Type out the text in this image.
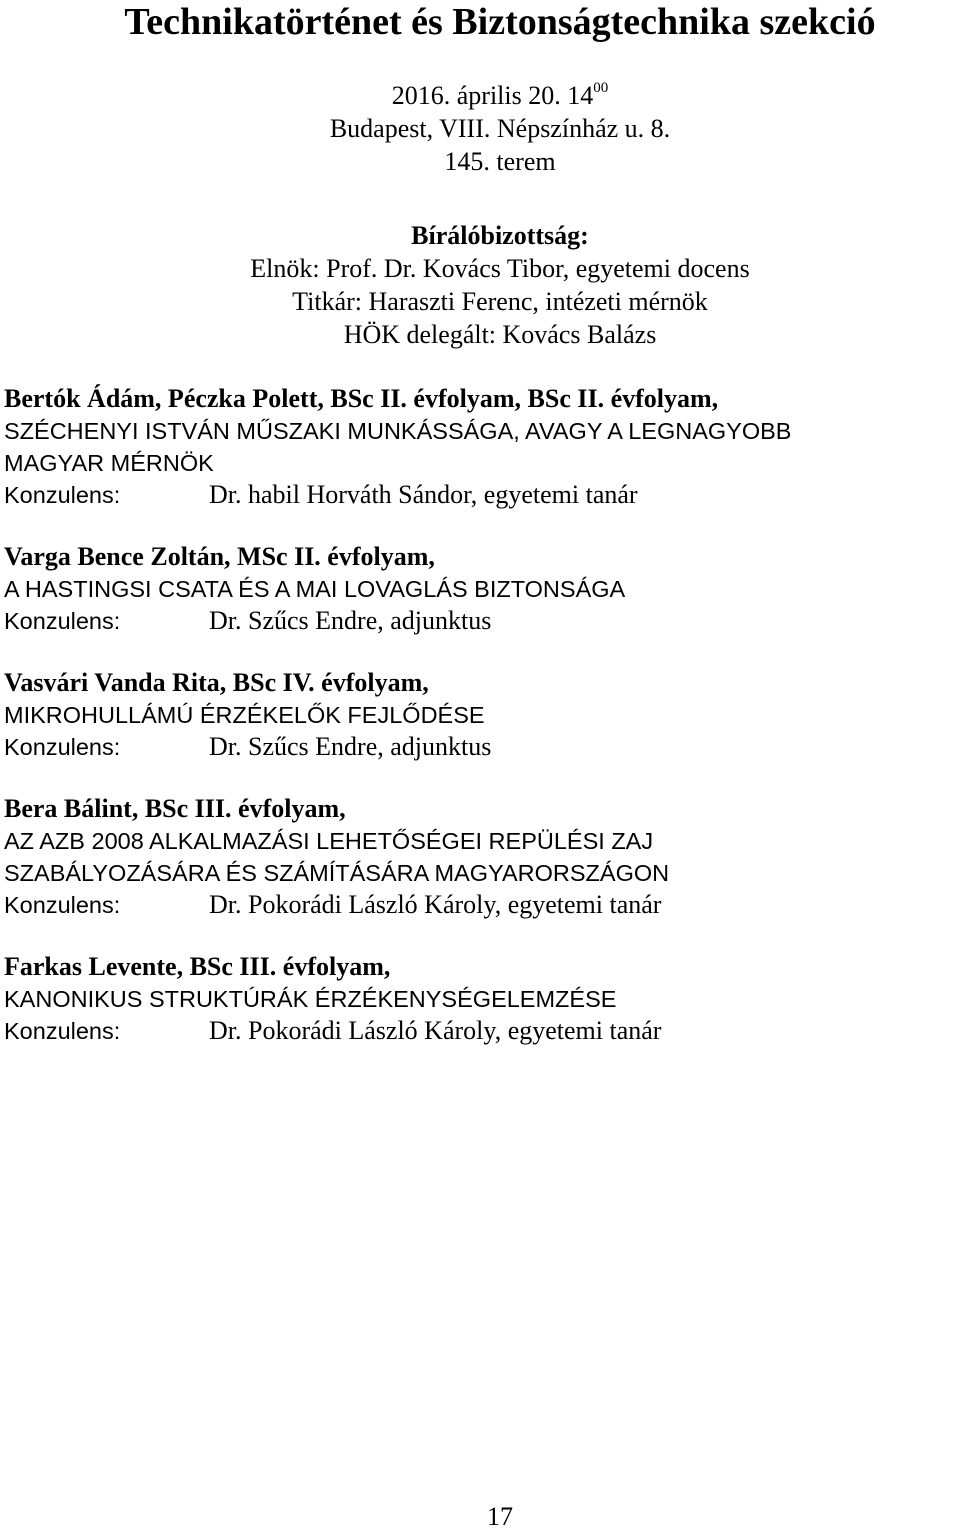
Technikatörténet és Biztonságtechnika szekció
2016. április 20. $14^{00}$
Budapest, VIII. Népszínház u. 8.
145. terem
Bírálóbizottság:
Elnök: Prof. Dr. Kovács Tibor, egyetemi docens
Titkár: Haraszti Ferenc, intézeti mérnök
HÖK delegált: Kovács Balázs
Bertók Ádám, Péczka Polett, BSc II. évfolyam, BSc II. évfolyam,
SZÉCHENYI ISTVÁN MŰSZAKI MUNKÁSSÁGA, AVAGY A LEGNAGYOBB
MAGYAR MÉRNÖK
Konzulens:	Dr. habil Horváth Sándor, egyetemi tanár
Varga Bence Zoltán, MSc II. évfolyam,
A HASTINGSI CSATA ÉS A MAI LOVAGLÁS BIZTONSÁGA
Konzulens:	Dr. Szűcs Endre, adjunktus
Vasvári Vanda Rita, BSc IV. évfolyam,
MIKROHULLÁMÚ ÉRZÉKELŐK FEJLŐDÉSE
Konzulens:	Dr. Szűcs Endre, adjunktus
Bera Bálint, BSc III. évfolyam,
AZ AZB 2008 ALKALMAZÁSI LEHETŐSÉGEI REPÜLÉSI ZAJ
SZABÁLYOZÁSÁRA ÉS SZÁMÍTÁSÁRA MAGYARORSZÁGON
Konzulens:	Dr. Pokorádi László Károly, egyetemi tanár
Farkas Levente, BSc III. évfolyam,
KANONIKUS STRUKTÚRÁK ÉRZÉKENYSÉGELEMZÉSE
Konzulens:	Dr. Pokorádi László Károly, egyetemi tanár
17
